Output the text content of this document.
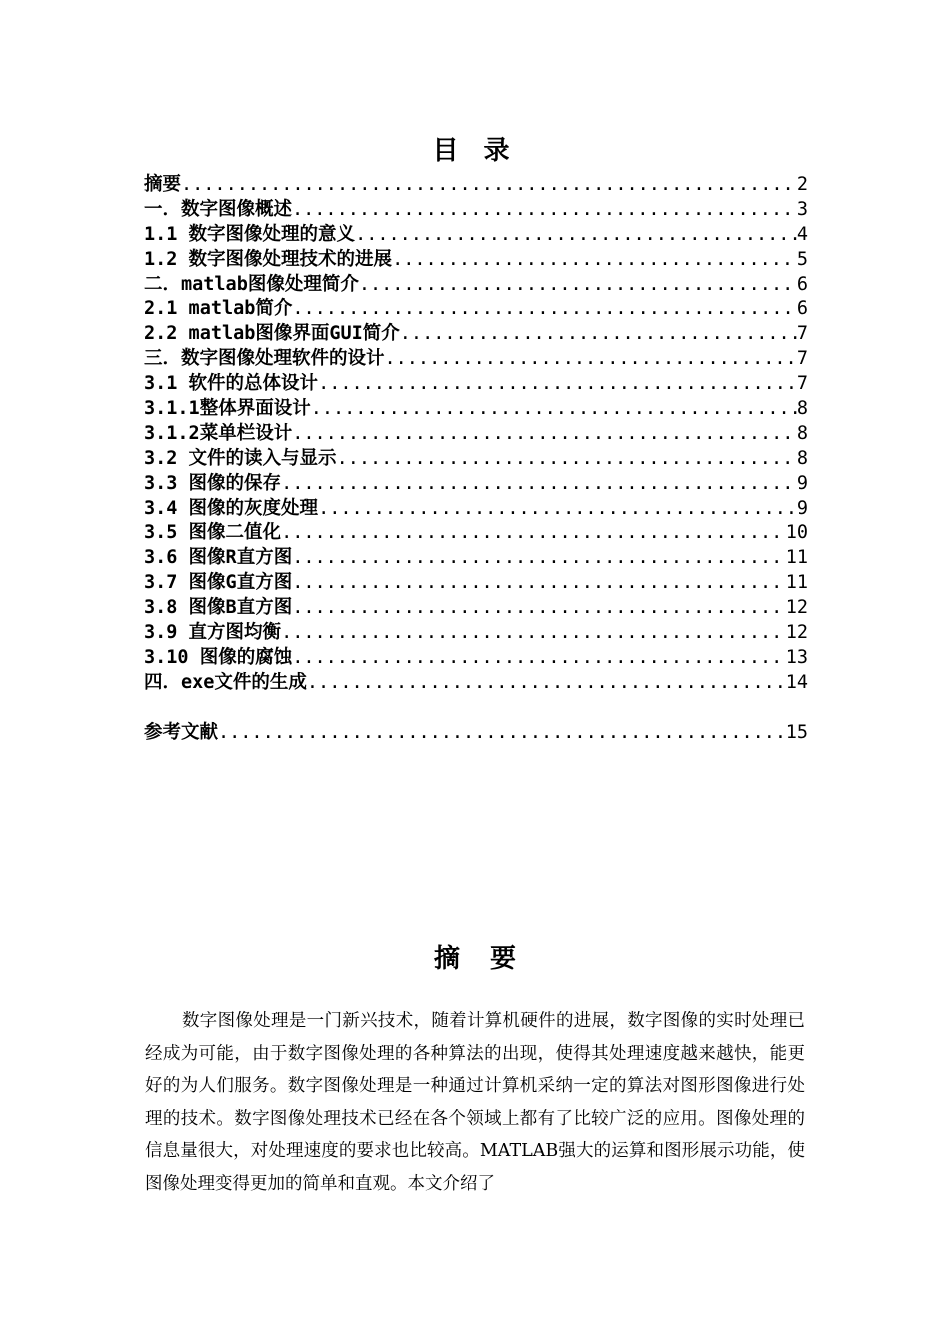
目 录
摘要 .....	2
一．数字图像概述 .....	3
1.1 数字图像处理的意义 .....	4
1.2 数字图像处理技术的进展 .....	5
二．matlab图像处理简介 .....	6
2.1 matlab简介 .....	6
2.2 matlab图像界面GUI简介 .....	7
三．数字图像处理软件的设计 .....	7
3.1 软件的总体设计 .....	7
3.1.1整体界面设计 .....	8
3.1.2菜单栏设计 .....	8
3.2 文件的读入与显示 .....	8
3.3 图像的保存 .....	9
3.4 图像的灰度处理 .....	9
3.5 图像二值化 .....	10
3.6 图像R直方图 .....	11
3.7 图像G直方图 .....	11
3.8 图像B直方图 .....	12
3.9 直方图均衡 .....	12
3.10 图像的腐蚀 .....	13
四．exe文件的生成 .....	14
参考文献 .....	15
摘要
数字图像处理是一门新兴技术，随着计算机硬件的进展，数字图像的实时处理已经成为可能，由于数字图像处理的各种算法的出现，使得其处理速度越来越快，能更好的为人们服务。数字图像处理是一种通过计算机采纳一定的算法对图形图像进行处理的技术。数字图像处理技术已经在各个领域上都有了比较广泛的应用。图像处理的信息量很大，对处理速度的要求也比较高。MATLAB强大的运算和图形展示功能，使图像处理变得更加的简单和直观。本文介绍了
